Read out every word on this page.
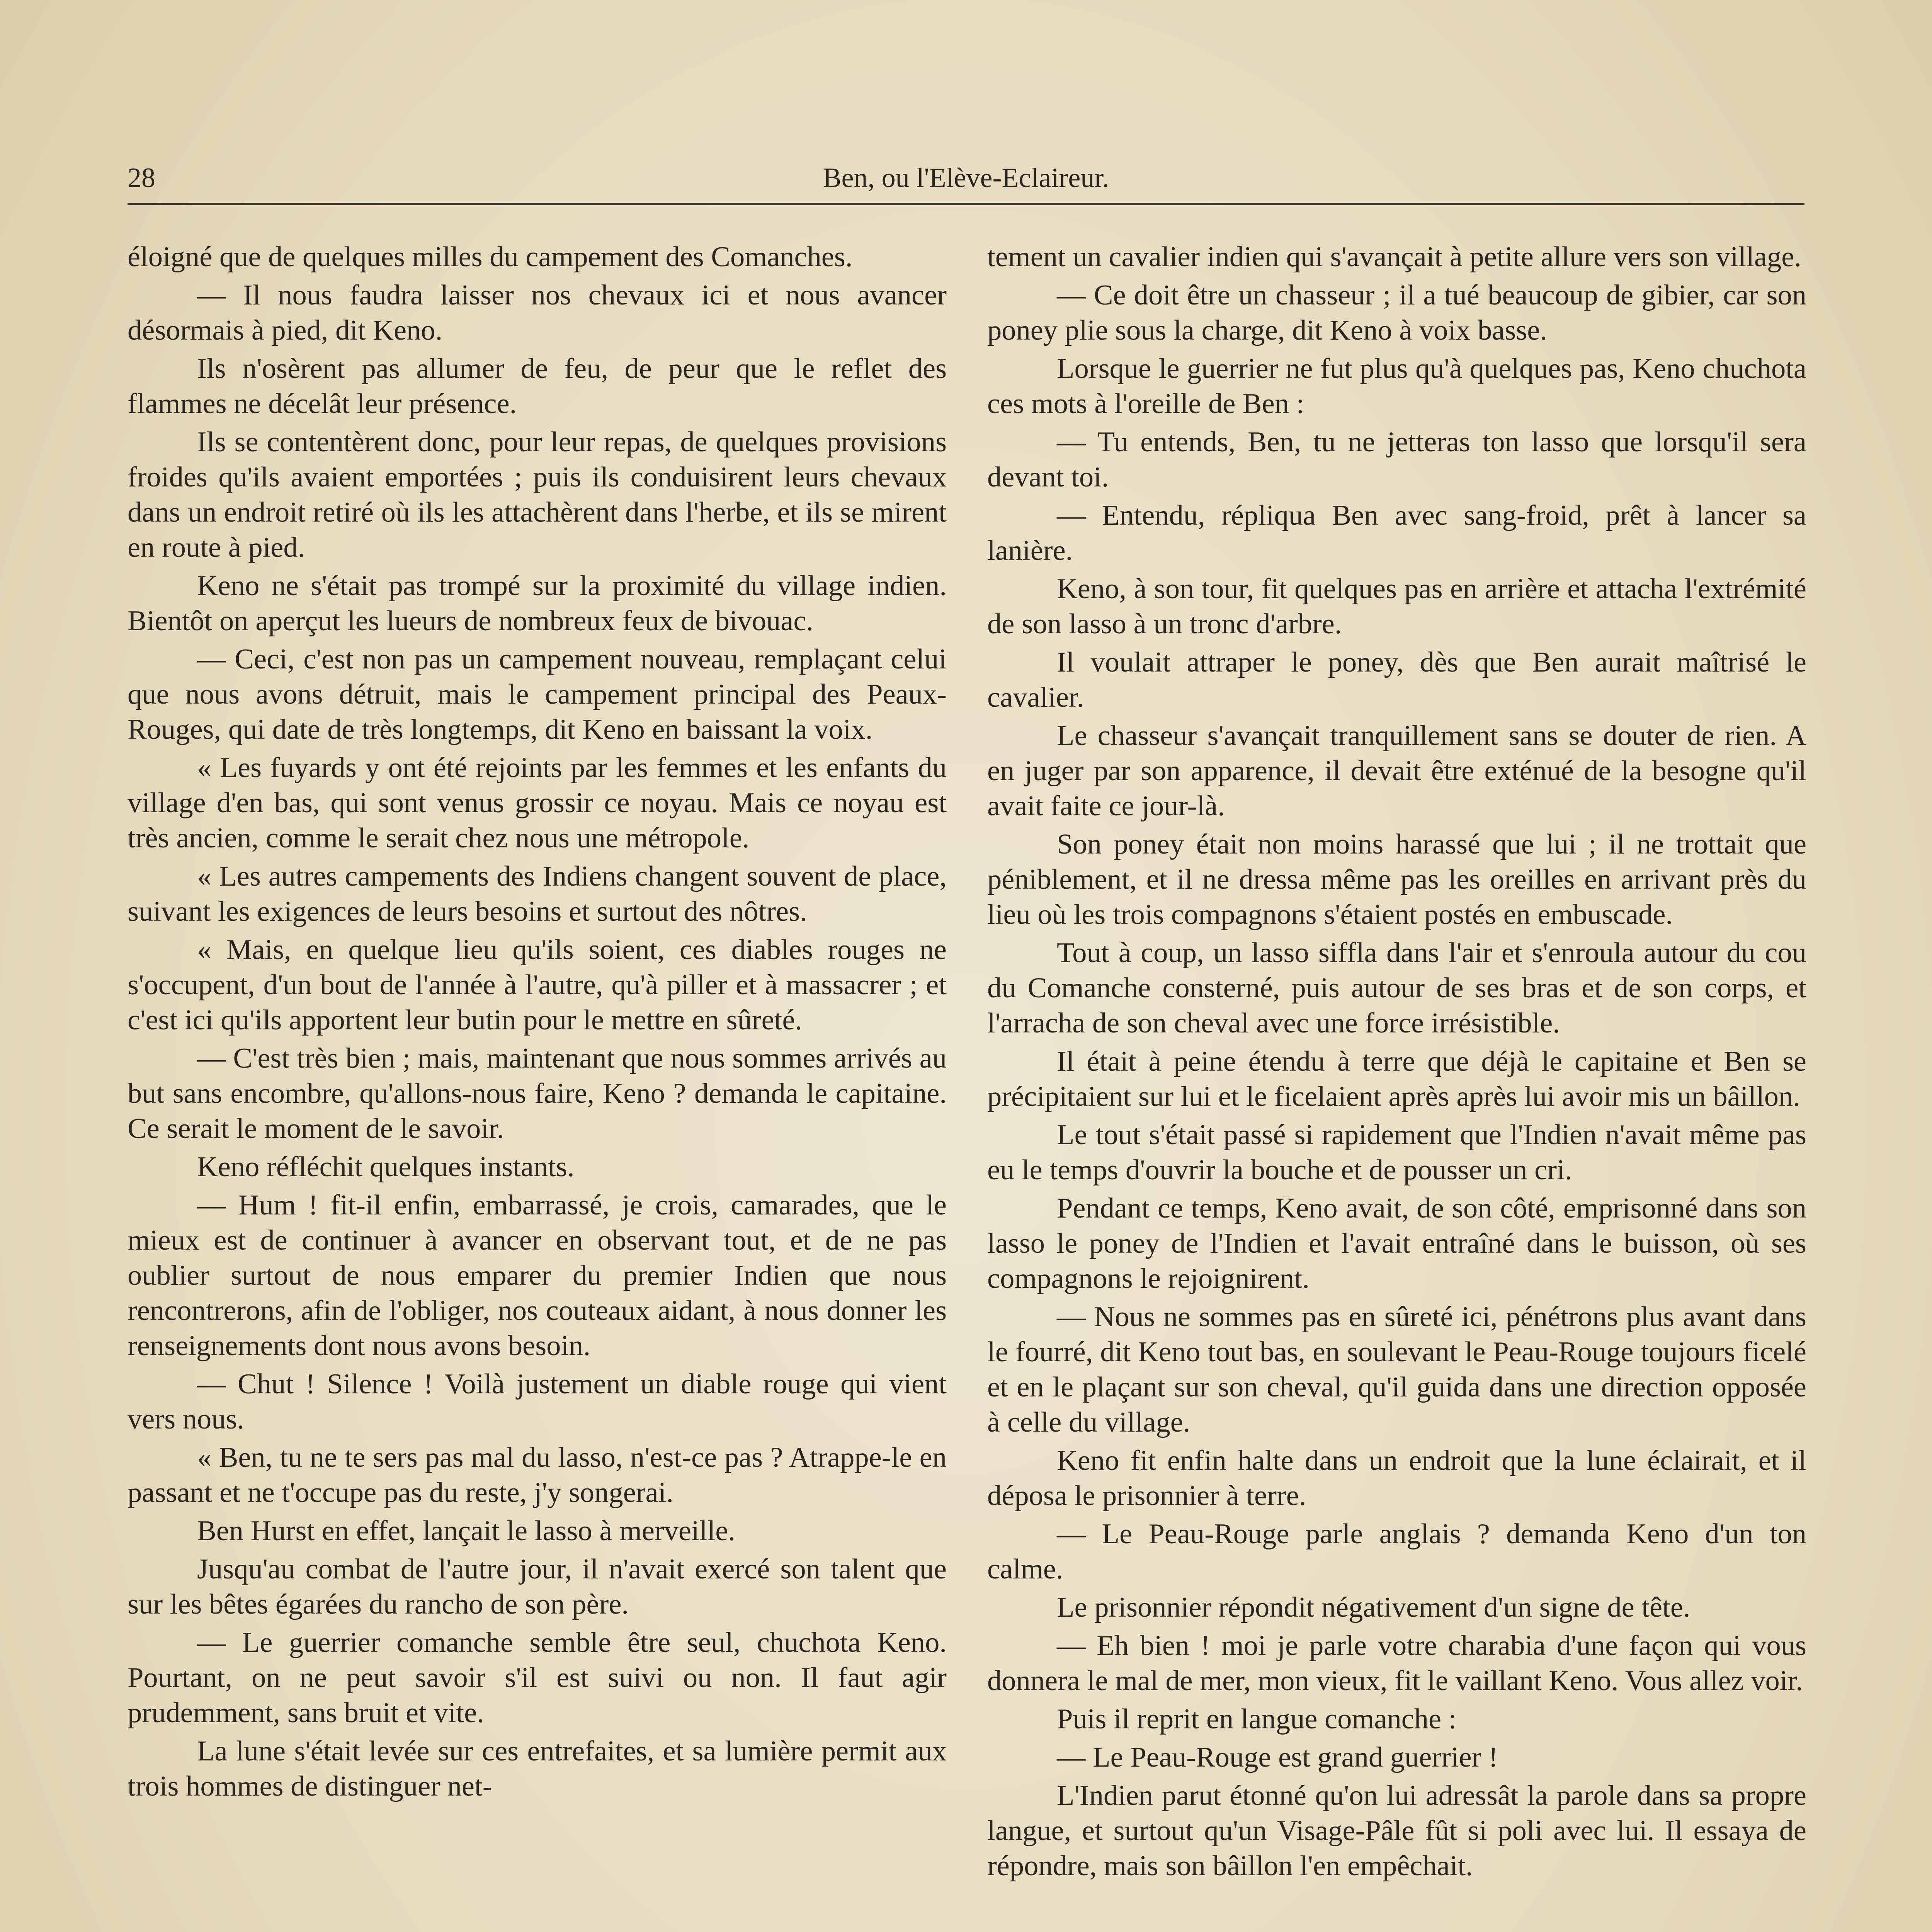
28	Ben, ou l'Elève-Eclaireur.

éloigné que de quelques milles du campement des Comanches.

— Il nous faudra laisser nos chevaux ici et nous avancer désormais à pied, dit Keno.

Ils n'osèrent pas allumer de feu, de peur que le reflet des flammes ne décelât leur présence.

Ils se contentèrent donc, pour leur repas, de quelques provisions froides qu'ils avaient emportées ; puis ils conduisirent leurs chevaux dans un endroit retiré où ils les attachèrent dans l'herbe, et ils se mirent en route à pied.

Keno ne s'était pas trompé sur la proximité du village indien. Bientôt on aperçut les lueurs de nombreux feux de bivouac.

— Ceci, c'est non pas un campement nouveau, remplaçant celui que nous avons détruit, mais le campement principal des Peaux-Rouges, qui date de très longtemps, dit Keno en baissant la voix.

« Les fuyards y ont été rejoints par les femmes et les enfants du village d'en bas, qui sont venus grossir ce noyau. Mais ce noyau est très ancien, comme le serait chez nous une métropole.

« Les autres campements des Indiens changent souvent de place, suivant les exigences de leurs besoins et surtout des nôtres.

« Mais, en quelque lieu qu'ils soient, ces diables rouges ne s'occupent, d'un bout de l'année à l'autre, qu'à piller et à massacrer ; et c'est ici qu'ils apportent leur butin pour le mettre en sûreté.

— C'est très bien ; mais, maintenant que nous sommes arrivés au but sans encombre, qu'allons-nous faire, Keno ? demanda le capitaine. Ce serait le moment de le savoir.

Keno réfléchit quelques instants.

— Hum ! fit-il enfin, embarrassé, je crois, camarades, que le mieux est de continuer à avancer en observant tout, et de ne pas oublier surtout de nous emparer du premier Indien que nous rencontrerons, afin de l'obliger, nos couteaux aidant, à nous donner les renseignements dont nous avons besoin.

— Chut ! Silence ! Voilà justement un diable rouge qui vient vers nous.

« Ben, tu ne te sers pas mal du lasso, n'est-ce pas ? Atrappe-le en passant et ne t'occupe pas du reste, j'y songerai.

Ben Hurst en effet, lançait le lasso à merveille.

Jusqu'au combat de l'autre jour, il n'avait exercé son talent que sur les bêtes égarées du rancho de son père.

— Le guerrier comanche semble être seul, chuchota Keno. Pourtant, on ne peut savoir s'il est suivi ou non. Il faut agir prudemment, sans bruit et vite.

La lune s'était levée sur ces entrefaites, et sa lumière permit aux trois hommes de distinguer net-

tement un cavalier indien qui s'avançait à petite allure vers son village.

— Ce doit être un chasseur ; il a tué beaucoup de gibier, car son poney plie sous la charge, dit Keno à voix basse.

Lorsque le guerrier ne fut plus qu'à quelques pas, Keno chuchota ces mots à l'oreille de Ben :

— Tu entends, Ben, tu ne jetteras ton lasso que lorsqu'il sera devant toi.

— Entendu, répliqua Ben avec sang-froid, prêt à lancer sa lanière.

Keno, à son tour, fit quelques pas en arrière et attacha l'extrémité de son lasso à un tronc d'arbre.

Il voulait attraper le poney, dès que Ben aurait maîtrisé le cavalier.

Le chasseur s'avançait tranquillement sans se douter de rien. A en juger par son apparence, il devait être exténué de la besogne qu'il avait faite ce jour-là.

Son poney était non moins harassé que lui ; il ne trottait que péniblement, et il ne dressa même pas les oreilles en arrivant près du lieu où les trois compagnons s'étaient postés en embuscade.

Tout à coup, un lasso siffla dans l'air et s'enroula autour du cou du Comanche consterné, puis autour de ses bras et de son corps, et l'arracha de son cheval avec une force irrésistible.

Il était à peine étendu à terre que déjà le capitaine et Ben se précipitaient sur lui et le ficelaient après après lui avoir mis un bâillon.

Le tout s'était passé si rapidement que l'Indien n'avait même pas eu le temps d'ouvrir la bouche et de pousser un cri.

Pendant ce temps, Keno avait, de son côté, emprisonné dans son lasso le poney de l'Indien et l'avait entraîné dans le buisson, où ses compagnons le rejoignirent.

— Nous ne sommes pas en sûreté ici, pénétrons plus avant dans le fourré, dit Keno tout bas, en soulevant le Peau-Rouge toujours ficelé et en le plaçant sur son cheval, qu'il guida dans une direction opposée à celle du village.

Keno fit enfin halte dans un endroit que la lune éclairait, et il déposa le prisonnier à terre.

— Le Peau-Rouge parle anglais ? demanda Keno d'un ton calme.

Le prisonnier répondit négativement d'un signe de tête.

— Eh bien ! moi je parle votre charabia d'une façon qui vous donnera le mal de mer, mon vieux, fit le vaillant Keno. Vous allez voir.

Puis il reprit en langue comanche :

— Le Peau-Rouge est grand guerrier !

L'Indien parut étonné qu'on lui adressât la parole dans sa propre langue, et surtout qu'un Visage-Pâle fût si poli avec lui. Il essaya de répondre, mais son bâillon l'en empêchait.
